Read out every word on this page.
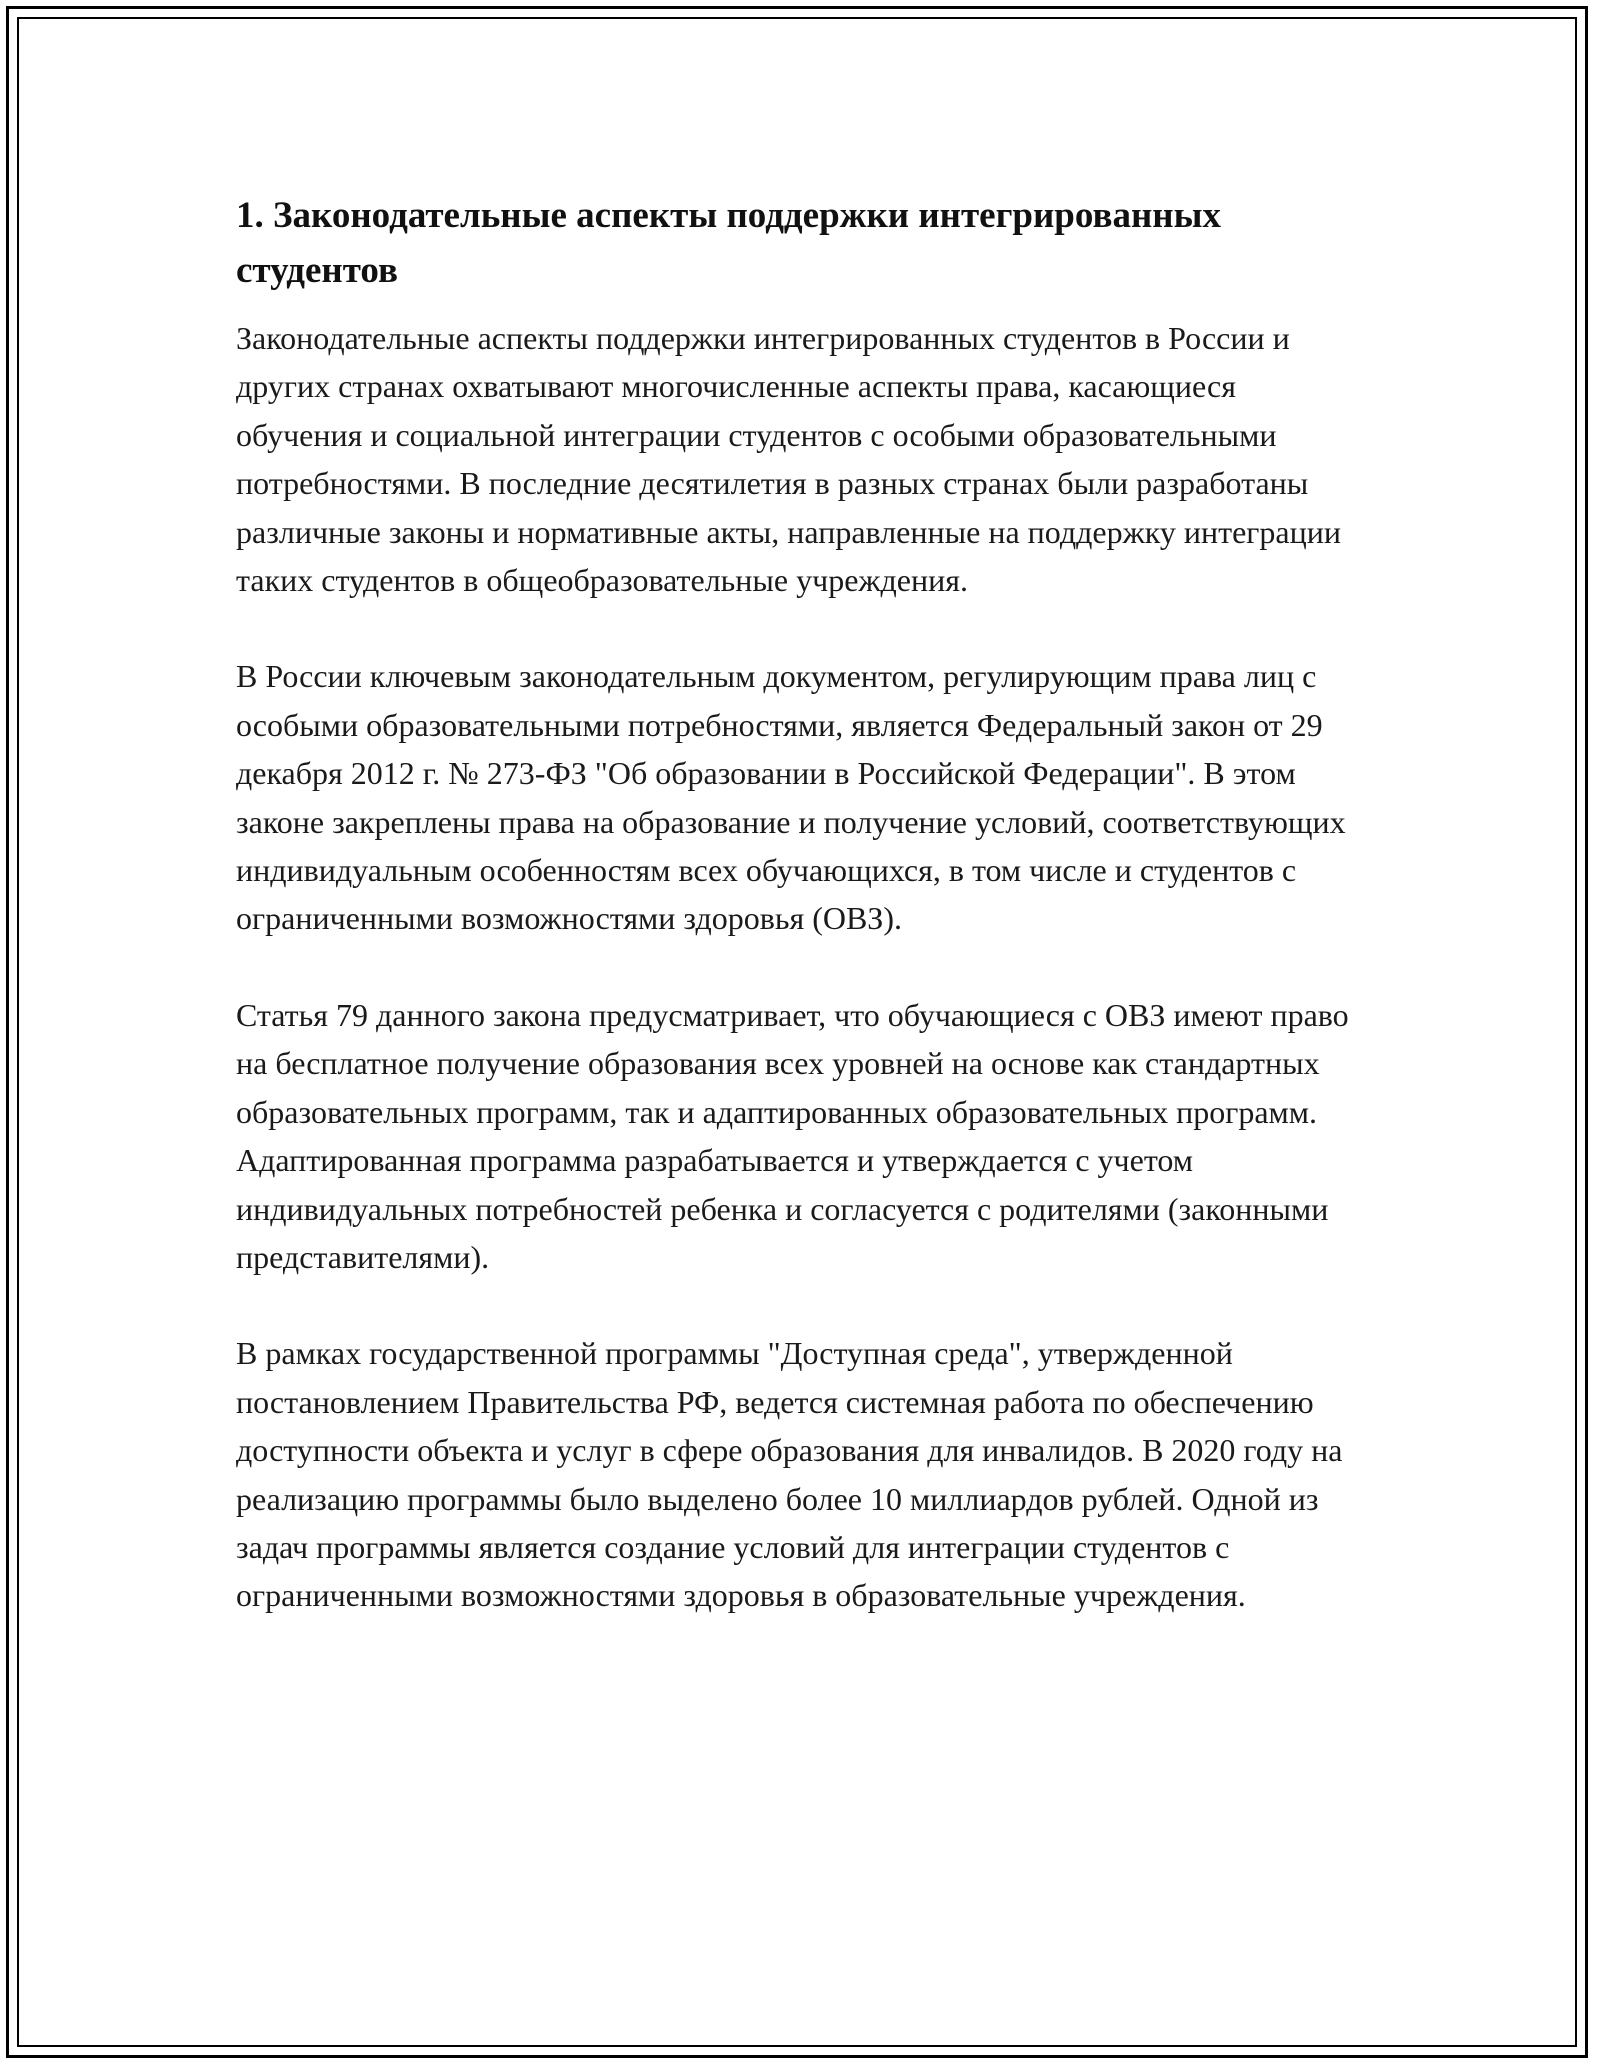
1. Законодательные аспекты поддержки интегрированных студентов

Законодательные аспекты поддержки интегрированных студентов в России и других странах охватывают многочисленные аспекты права, касающиеся обучения и социальной интеграции студентов с особыми образовательными потребностями. В последние десятилетия в разных странах были разработаны различные законы и нормативные акты, направленные на поддержку интеграции таких студентов в общеобразовательные учреждения.

В России ключевым законодательным документом, регулирующим права лиц с особыми образовательными потребностями, является Федеральный закон от 29 декабря 2012 г. № 273-ФЗ "Об образовании в Российской Федерации". В этом законе закреплены права на образование и получение условий, соответствующих индивидуальным особенностям всех обучающихся, в том числе и студентов с ограниченными возможностями здоровья (ОВЗ).

Статья 79 данного закона предусматривает, что обучающиеся с ОВЗ имеют право на бесплатное получение образования всех уровней на основе как стандартных образовательных программ, так и адаптированных образовательных программ. Адаптированная программа разрабатывается и утверждается с учетом индивидуальных потребностей ребенка и согласуется с родителями (законными представителями).

В рамках государственной программы "Доступная среда", утвержденной постановлением Правительства РФ, ведется системная работа по обеспечению доступности объекта и услуг в сфере образования для инвалидов. В 2020 году на реализацию программы было выделено более 10 миллиардов рублей. Одной из задач программы является создание условий для интеграции студентов с ограниченными возможностями здоровья в образовательные учреждения.
